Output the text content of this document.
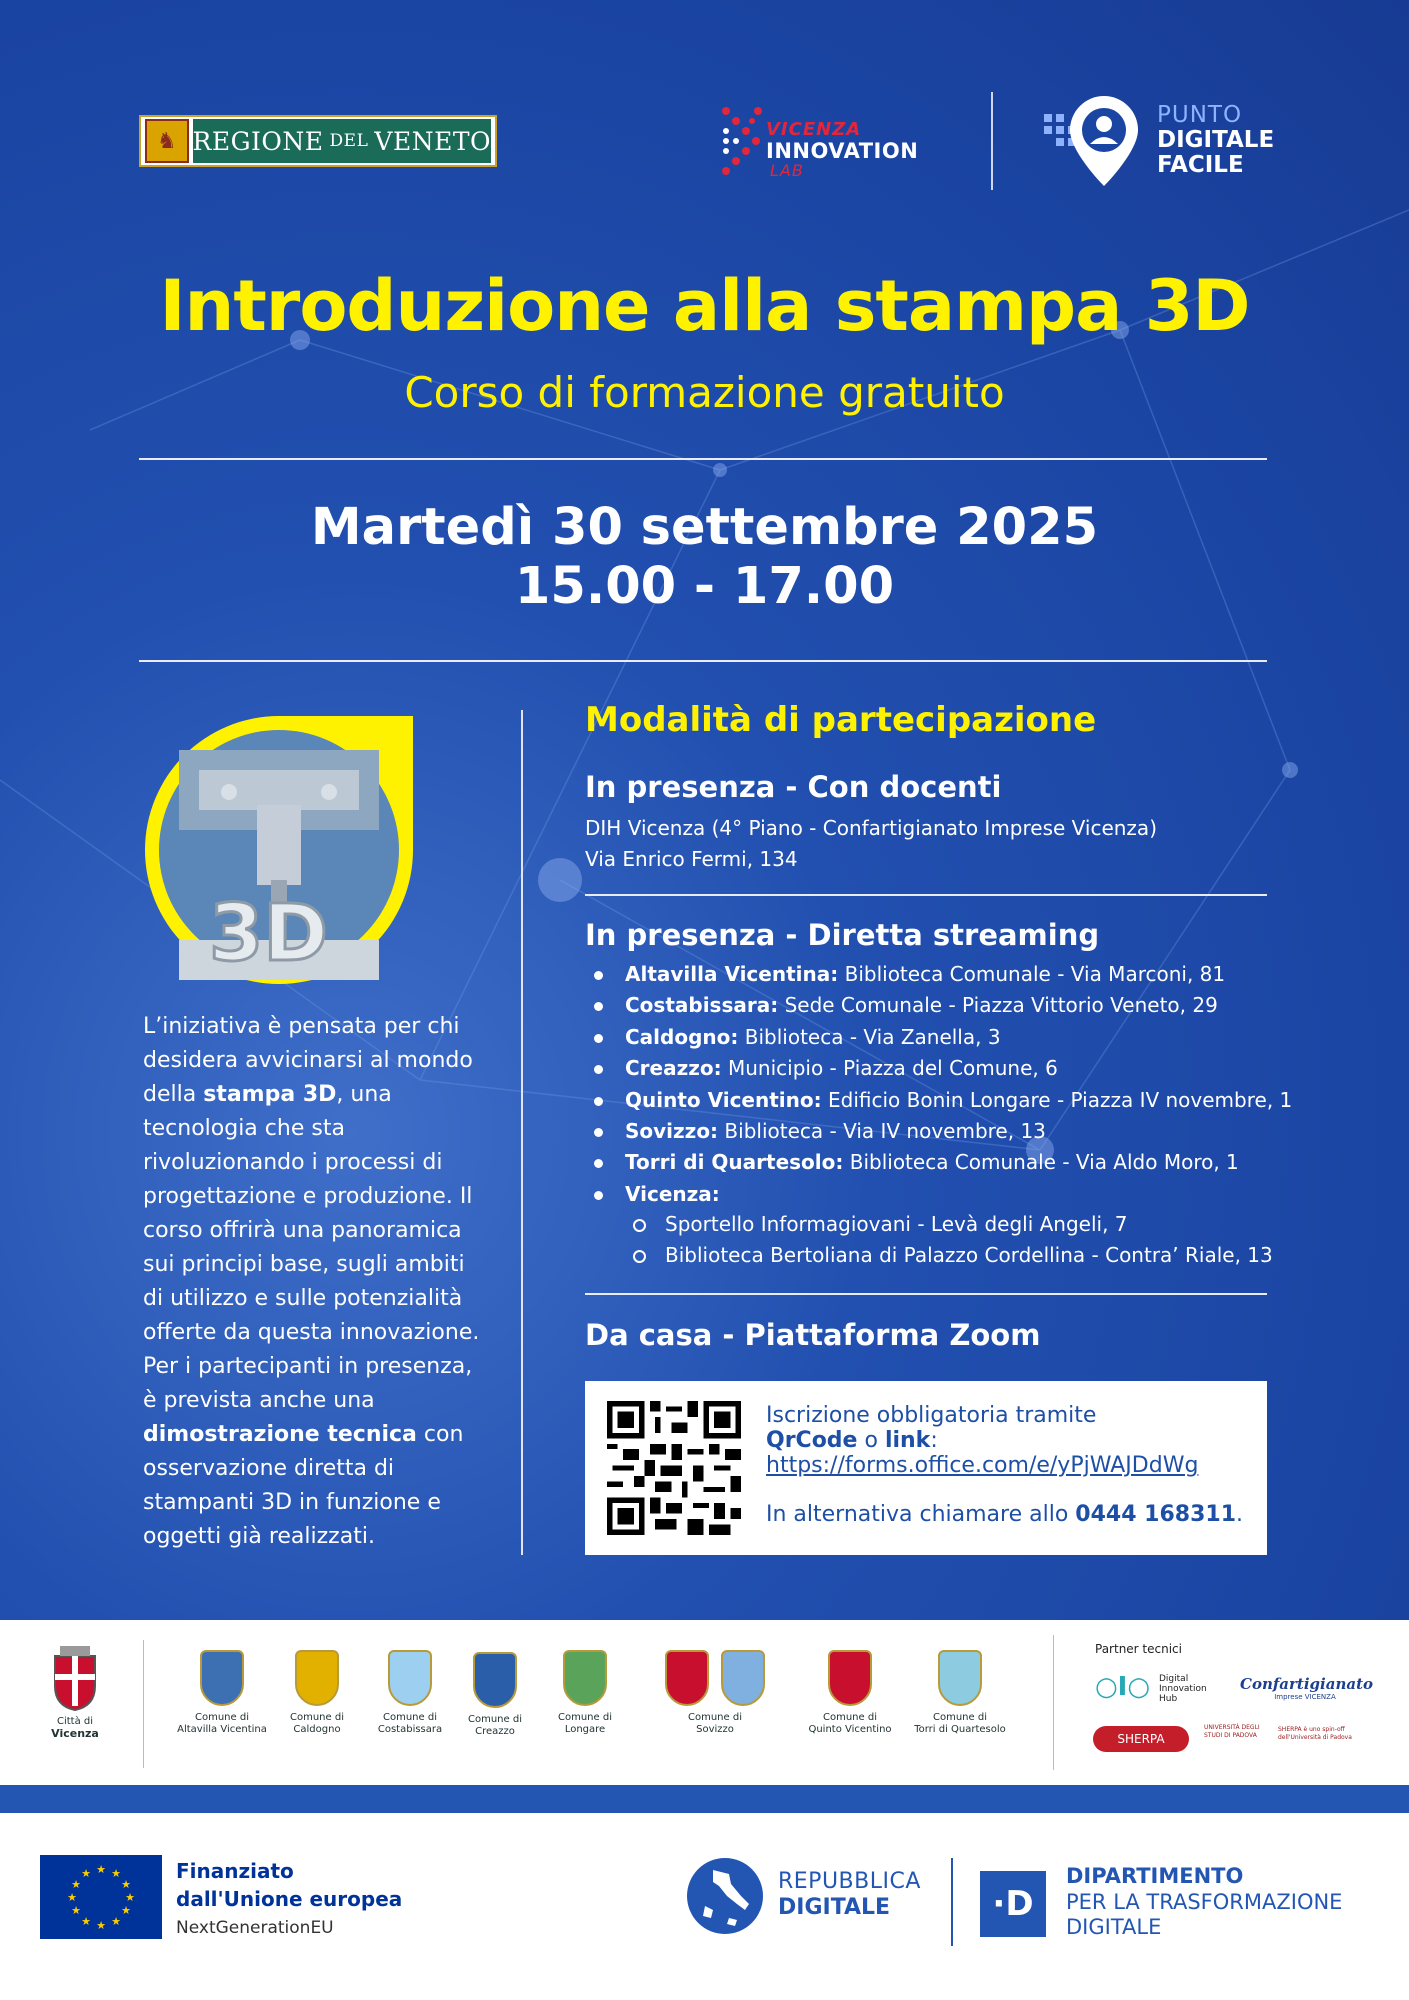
♞ REGIONE DEL VENETO	VICENZA
INNOVATION
LAB
PUNTO
DIGITALE
FACILE
Introduzione alla stampa 3D
Corso di formazione gratuito
Martedì 30 settembre 2025
15.00 - 17.00
3D
L’iniziativa è pensata per chi desidera avvicinarsi al mondo della stampa 3D, una tecnologia che sta rivoluzionando i processi di progettazione e produzione. Il corso offrirà una panoramica sui principi base, sugli ambiti di utilizzo e sulle potenzialità offerte da questa innovazione. Per i partecipanti in presenza, è prevista anche una dimostrazione tecnica con osservazione diretta di stampanti 3D in funzione e oggetti già realizzati.
Modalità di partecipazione
In presenza - Con docenti
DIH Vicenza (4° Piano - Confartigianato Imprese Vicenza)
Via Enrico Fermi, 134
In presenza - Diretta streaming
Altavilla Vicentina: Biblioteca Comunale - Via Marconi, 81
Costabissara: Sede Comunale - Piazza Vittorio Veneto, 29
Caldogno: Biblioteca - Via Zanella, 3
Creazzo: Municipio - Piazza del Comune, 6
Quinto Vicentino: Edificio Bonin Longare - Piazza IV novembre, 1
Sovizzo: Biblioteca - Via IV novembre, 13
Torri di Quartesolo: Biblioteca Comunale - Via Aldo Moro, 1
Vicenza:
Sportello Informagiovani - Levà degli Angeli, 7
Biblioteca Bertoliana di Palazzo Cordellina - Contra’ Riale, 13
Da casa - Piattaforma Zoom
Iscrizione obbligatoria tramite
QrCode o link:
https://forms.office.com/e/yPjWAJDdWg
In alternativa chiamare allo 0444 168311.
Città di
Vicenza
Comune di
Altavilla Vicentina
Comune di
Caldogno
Comune di
Costabissara
Comune di
Creazzo
Comune di
Longare
Comune di
Sovizzo
Comune di
Quinto Vicentino
Comune di
Torri di Quartesolo
Partner tecnici
○I○ Digital Innovation Hub
Confartigianato
Imprese VICENZA
SHERPA
UNIVERSITÀ DEGLI STUDI DI PADOVA
SHERPA è uno spin-off dell'Università di Padova
★ ★
★
★
★
★
★
★
★
★
★
★	Finanziato
dall'Unione europea
NextGenerationEU
REPUBBLICA
DIGITALE	·D
DIPARTIMENTO
PER LA TRASFORMAZIONE
DIGITALE
